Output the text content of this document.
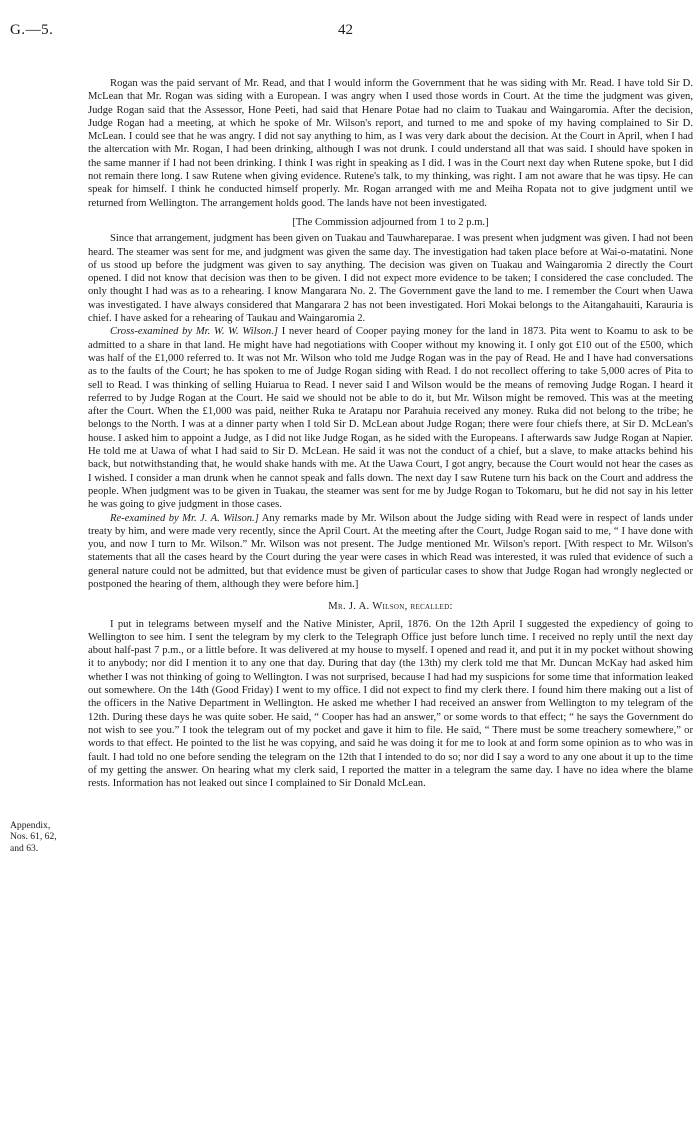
G.—5.	42
Appendix,
Nos. 61, 62,
and 63.

Rogan was the paid servant of Mr. Read, and that I would inform the Government that he was siding with Mr. Read. I have told Sir D. McLean that Mr. Rogan was siding with a European. I was angry when I used those words in Court. At the time the judgment was given, Judge Rogan said that the Assessor, Hone Peeti, had said that Henare Potae had no claim to Tuakau and Waingaromia. After the decision, Judge Rogan had a meeting, at which he spoke of Mr. Wilson's report, and turned to me and spoke of my having complained to Sir D. McLean. I could see that he was angry. I did not say anything to him, as I was very dark about the decision. At the Court in April, when I had the altercation with Mr. Rogan, I had been drinking, although I was not drunk. I could understand all that was said. I should have spoken in the same manner if I had not been drinking. I think I was right in speaking as I did. I was in the Court next day when Rutene spoke, but I did not remain there long. I saw Rutene when giving evidence. Rutene's talk, to my thinking, was right. I am not aware that he was tipsy. He can speak for himself. I think he conducted himself properly. Mr. Rogan arranged with me and Meiha Ropata not to give judgment until we returned from Wellington. The arrangement holds good. The lands have not been investigated.

[The Commission adjourned from 1 to 2 p.m.]

Since that arrangement, judgment has been given on Tuakau and Tauwhareparae. I was present when judgment was given. I had not been heard. The steamer was sent for me, and judgment was given the same day. The investigation had taken place before at Wai-o-matatini. None of us stood up before the judgment was given to say anything. The decision was given on Tuakau and Waingaromia 2 directly the Court opened. I did not know that decision was then to be given. I did not expect more evidence to be taken; I considered the case concluded. The only thought I had was as to a rehearing. I know Mangarara No. 2. The Government gave the land to me. I remember the Court when Uawa was investigated. I have always considered that Mangarara 2 has not been investigated. Hori Mokai belongs to the Aitangahauiti, Karauria is chief. I have asked for a rehearing of Taukau and Waingaromia 2.

Cross-examined by Mr. W. W. Wilson.] I never heard of Cooper paying money for the land in 1873. Pita went to Koamu to ask to be admitted to a share in that land. He might have had negotiations with Cooper without my knowing it. I only got £10 out of the £500, which was half of the £1,000 referred to. It was not Mr. Wilson who told me Judge Rogan was in the pay of Read. He and I have had conversations as to the faults of the Court; he has spoken to me of Judge Rogan siding with Read. I do not recollect offering to take 5,000 acres of Pita to sell to Read. I was thinking of selling Huiarua to Read. I never said I and Wilson would be the means of removing Judge Rogan. I heard it referred to by Judge Rogan at the Court. He said we should not be able to do it, but Mr. Wilson might be removed. This was at the meeting after the Court. When the £1,000 was paid, neither Ruka te Aratapu nor Parahuia received any money. Ruka did not belong to the tribe; he belongs to the North. I was at a dinner party when I told Sir D. McLean about Judge Rogan; there were four chiefs there, at Sir D. McLean's house. I asked him to appoint a Judge, as I did not like Judge Rogan, as he sided with the Europeans. I afterwards saw Judge Rogan at Napier. He told me at Uawa of what I had said to Sir D. McLean. He said it was not the conduct of a chief, but a slave, to make attacks behind his back, but notwithstanding that, he would shake hands with me. At the Uawa Court, I got angry, because the Court would not hear the cases as I wished. I consider a man drunk when he cannot speak and falls down. The next day I saw Rutene turn his back on the Court and address the people. When judgment was to be given in Tuakau, the steamer was sent for me by Judge Rogan to Tokomaru, but he did not say in his letter he was going to give judgment in those cases.

Re-examined by Mr. J. A. Wilson.] Any remarks made by Mr. Wilson about the Judge siding with Read were in respect of lands under treaty by him, and were made very recently, since the April Court. At the meeting after the Court, Judge Rogan said to me, “ I have done with you, and now I turn to Mr. Wilson.” Mr. Wilson was not present. The Judge mentioned Mr. Wilson's report. [With respect to Mr. Wilson's statements that all the cases heard by the Court during the year were cases in which Read was interested, it was ruled that evidence of such a general nature could not be admitted, but that evidence must be given of particular cases to show that Judge Rogan had wrongly neglected or postponed the hearing of them, although they were before him.]

Mr. J. A. Wilson, recalled:

I put in telegrams between myself and the Native Minister, April, 1876. On the 12th April I suggested the expediency of going to Wellington to see him. I sent the telegram by my clerk to the Telegraph Office just before lunch time. I received no reply until the next day about half-past 7 p.m., or a little before. It was delivered at my house to myself. I opened and read it, and put it in my pocket without showing it to anybody; nor did I mention it to any one that day. During that day (the 13th) my clerk told me that Mr. Duncan McKay had asked him whether I was not thinking of going to Wellington. I was not surprised, because I had had my suspicions for some time that information leaked out somewhere. On the 14th (Good Friday) I went to my office. I did not expect to find my clerk there. I found him there making out a list of the officers in the Native Department in Wellington. He asked me whether I had received an answer from Wellington to my telegram of the 12th. During these days he was quite sober. He said, “ Cooper has had an answer,” or some words to that effect; “ he says the Government do not wish to see you.” I took the telegram out of my pocket and gave it him to file. He said, “ There must be some treachery somewhere,” or words to that effect. He pointed to the list he was copying, and said he was doing it for me to look at and form some opinion as to who was in fault. I had told no one before sending the telegram on the 12th that I intended to do so; nor did I say a word to any one about it up to the time of my getting the answer. On hearing what my clerk said, I reported the matter in a telegram the same day. I have no idea where the blame rests. Information has not leaked out since I complained to Sir Donald McLean.
